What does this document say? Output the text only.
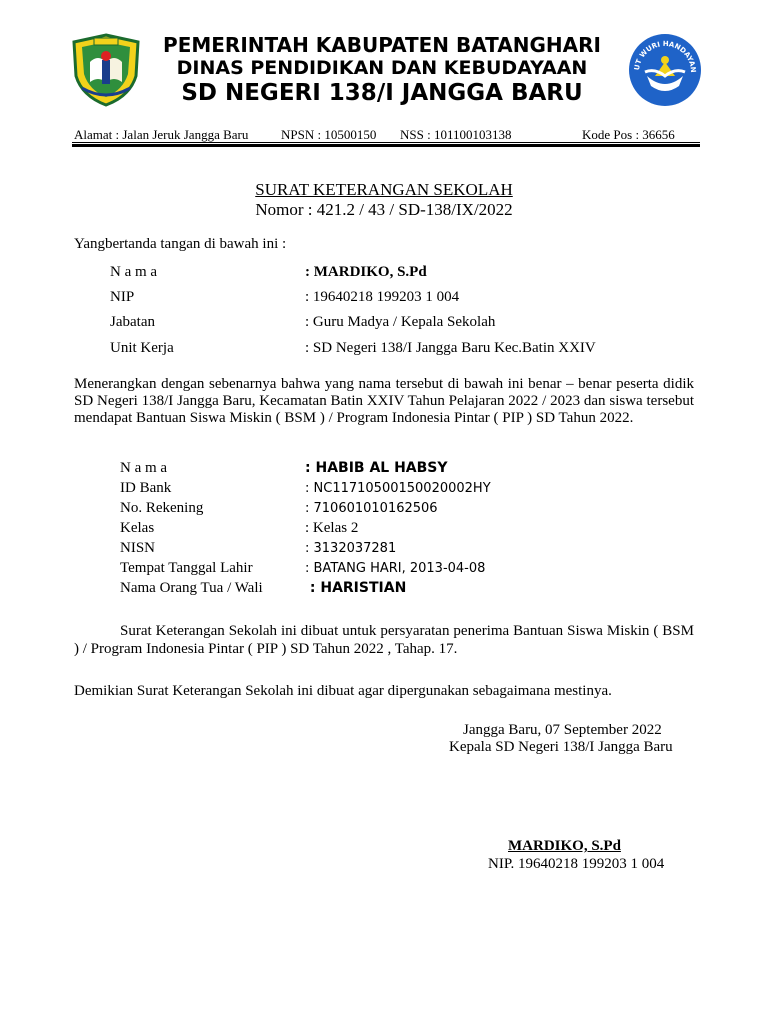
PEMERINTAH KABUPATEN BATANGHARI
DINAS PENDIDIKAN DAN KEBUDAYAAN
SD NEGERI 138/I JANGGA BARU
UT WURI HANDAYAN
Alamat : Jalan Jeruk Jangga Baru	NPSN : 10500150 NSS : 101100103138	Kode Pos : 36656
SURAT KETERANGAN SEKOLAH
Nomor : 421.2 / 43 / SD-138/IX/2022
Yangbertanda tangan di bawah ini :
N a m a	: MARDIKO, S.Pd
NIP	: 19640218 199203 1 004
Jabatan	: Guru Madya / Kepala Sekolah
Unit Kerja	: SD Negeri 138/I Jangga Baru Kec.Batin XXIV
Menerangkan dengan sebenarnya bahwa yang nama tersebut di bawah ini benar – benar peserta didik SD Negeri 138/I Jangga Baru, Kecamatan Batin XXIV Tahun Pelajaran 2022 / 2023 dan siswa tersebut mendapat Bantuan Siswa Miskin ( BSM ) / Program Indonesia Pintar ( PIP ) SD Tahun 2022.
N a m a	: HABIB AL HABSY
ID Bank	: NC11710500150020002HY
No. Rekening	: 710601010162506
Kelas	: Kelas 2
NISN	: 3132037281
Tempat Tanggal Lahir	: BATANG HARI, 2013-04-08
Nama Orang Tua / Wali	: HARISTIAN
Surat Keterangan Sekolah ini dibuat untuk persyaratan penerima Bantuan Siswa Miskin ( BSM ) / Program Indonesia Pintar ( PIP ) SD Tahun 2022 , Tahap. 17.
Demikian Surat Keterangan Sekolah ini dibuat agar dipergunakan sebagaimana mestinya.
Jangga Baru, 07 September 2022
Kepala SD Negeri 138/I Jangga Baru
MARDIKO, S.Pd
NIP. 19640218 199203 1 004
